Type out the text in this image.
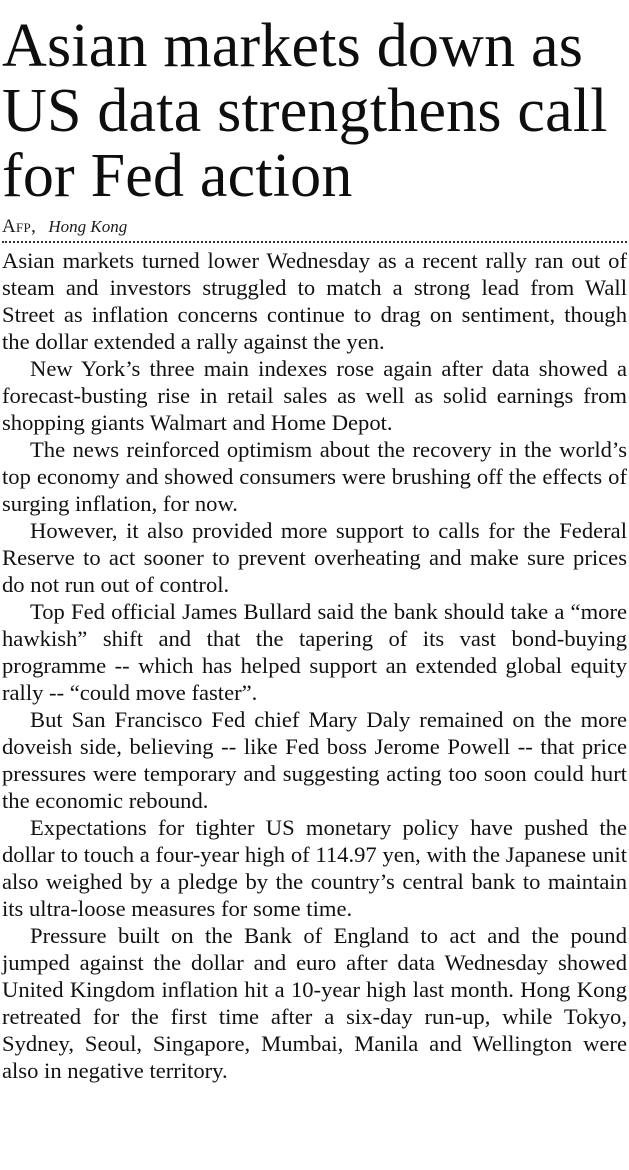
Asian markets down as US data strengthens call for Fed action
Afp, Hong Kong

Asian markets turned lower Wednesday as a recent rally ran out of steam and investors struggled to match a strong lead from Wall Street as inflation concerns continue to drag on sentiment, though the dollar extended a rally against the yen.

New York’s three main indexes rose again after data showed a forecast-busting rise in retail sales as well as solid earnings from shopping giants Walmart and Home Depot.

The news reinforced optimism about the recovery in the world’s top economy and showed consumers were brushing off the effects of surging inflation, for now.

However, it also provided more support to calls for the Federal Reserve to act sooner to prevent overheating and make sure prices do not run out of control.

Top Fed official James Bullard said the bank should take a “more hawkish” shift and that the tapering of its vast bond-buying programme -- which has helped support an extended global equity rally -- “could move faster”.

But San Francisco Fed chief Mary Daly remained on the more doveish side, believing -- like Fed boss Jerome Powell -- that price pressures were temporary and suggesting acting too soon could hurt the economic rebound.

Expectations for tighter US monetary policy have pushed the dollar to touch a four-year high of 114.97 yen, with the Japanese unit also weighed by a pledge by the country’s central bank to maintain its ultra-loose measures for some time.

Pressure built on the Bank of England to act and the pound jumped against the dollar and euro after data Wednesday showed United Kingdom inflation hit a 10-year high last month. Hong Kong retreated for the first time after a six-day run-up, while Tokyo, Sydney, Seoul, Singapore, Mumbai, Manila and Wellington were also in negative territory.
